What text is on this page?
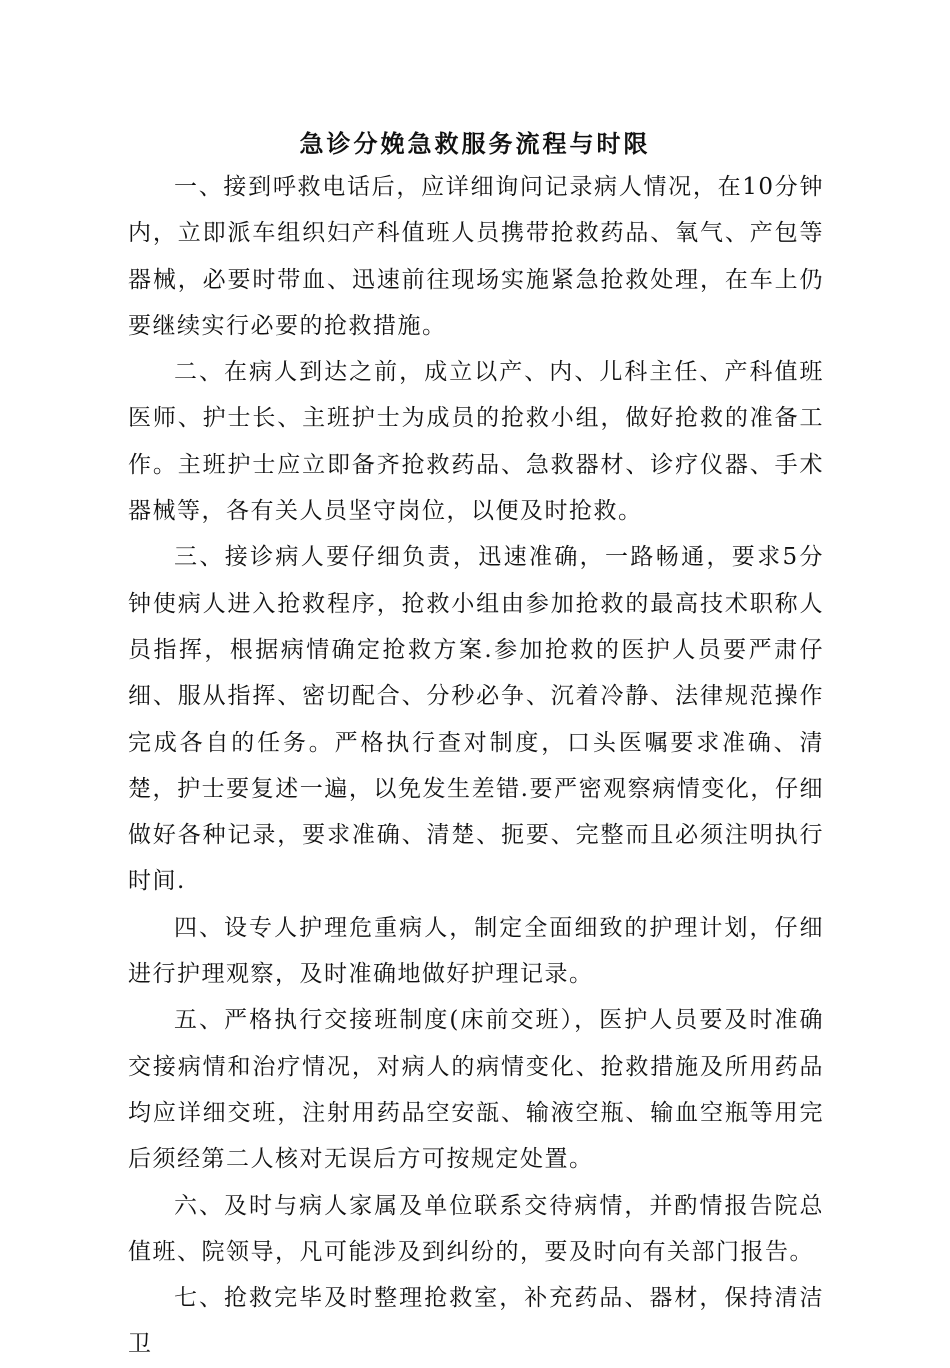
急诊分娩急救服务流程与时限

一、接到呼救电话后，应详细询问记录病人情况，在10分钟内，立即派车组织妇产科值班人员携带抢救药品、氧气、产包等器械，必要时带血、迅速前往现场实施紧急抢救处理，在车上仍要继续实行必要的抢救措施。

二、在病人到达之前，成立以产、内、儿科主任、产科值班医师、护士长、主班护士为成员的抢救小组，做好抢救的准备工作。主班护士应立即备齐抢救药品、急救器材、诊疗仪器、手术器械等，各有关人员坚守岗位，以便及时抢救。

三、接诊病人要仔细负责，迅速准确，一路畅通，要求5分钟使病人进入抢救程序，抢救小组由参加抢救的最高技术职称人员指挥，根据病情确定抢救方案.参加抢救的医护人员要严肃仔细、服从指挥、密切配合、分秒必争、沉着冷静、法律规范操作完成各自的任务。严格执行查对制度，口头医嘱要求准确、清楚，护士要复述一遍，以免发生差错.要严密观察病情变化，仔细做好各种记录，要求准确、清楚、扼要、完整而且必须注明执行时间.

四、设专人护理危重病人，制定全面细致的护理计划，仔细进行护理观察，及时准确地做好护理记录。

五、严格执行交接班制度(床前交班），医护人员要及时准确交接病情和治疗情况，对病人的病情变化、抢救措施及所用药品均应详细交班，注射用药品空安瓿、输液空瓶、输血空瓶等用完后须经第二人核对无误后方可按规定处置。

六、及时与病人家属及单位联系交待病情，并酌情报告院总值班、院领导，凡可能涉及到纠纷的，要及时向有关部门报告。

七、抢救完毕及时整理抢救室，补充药品、器材，保持清洁卫
